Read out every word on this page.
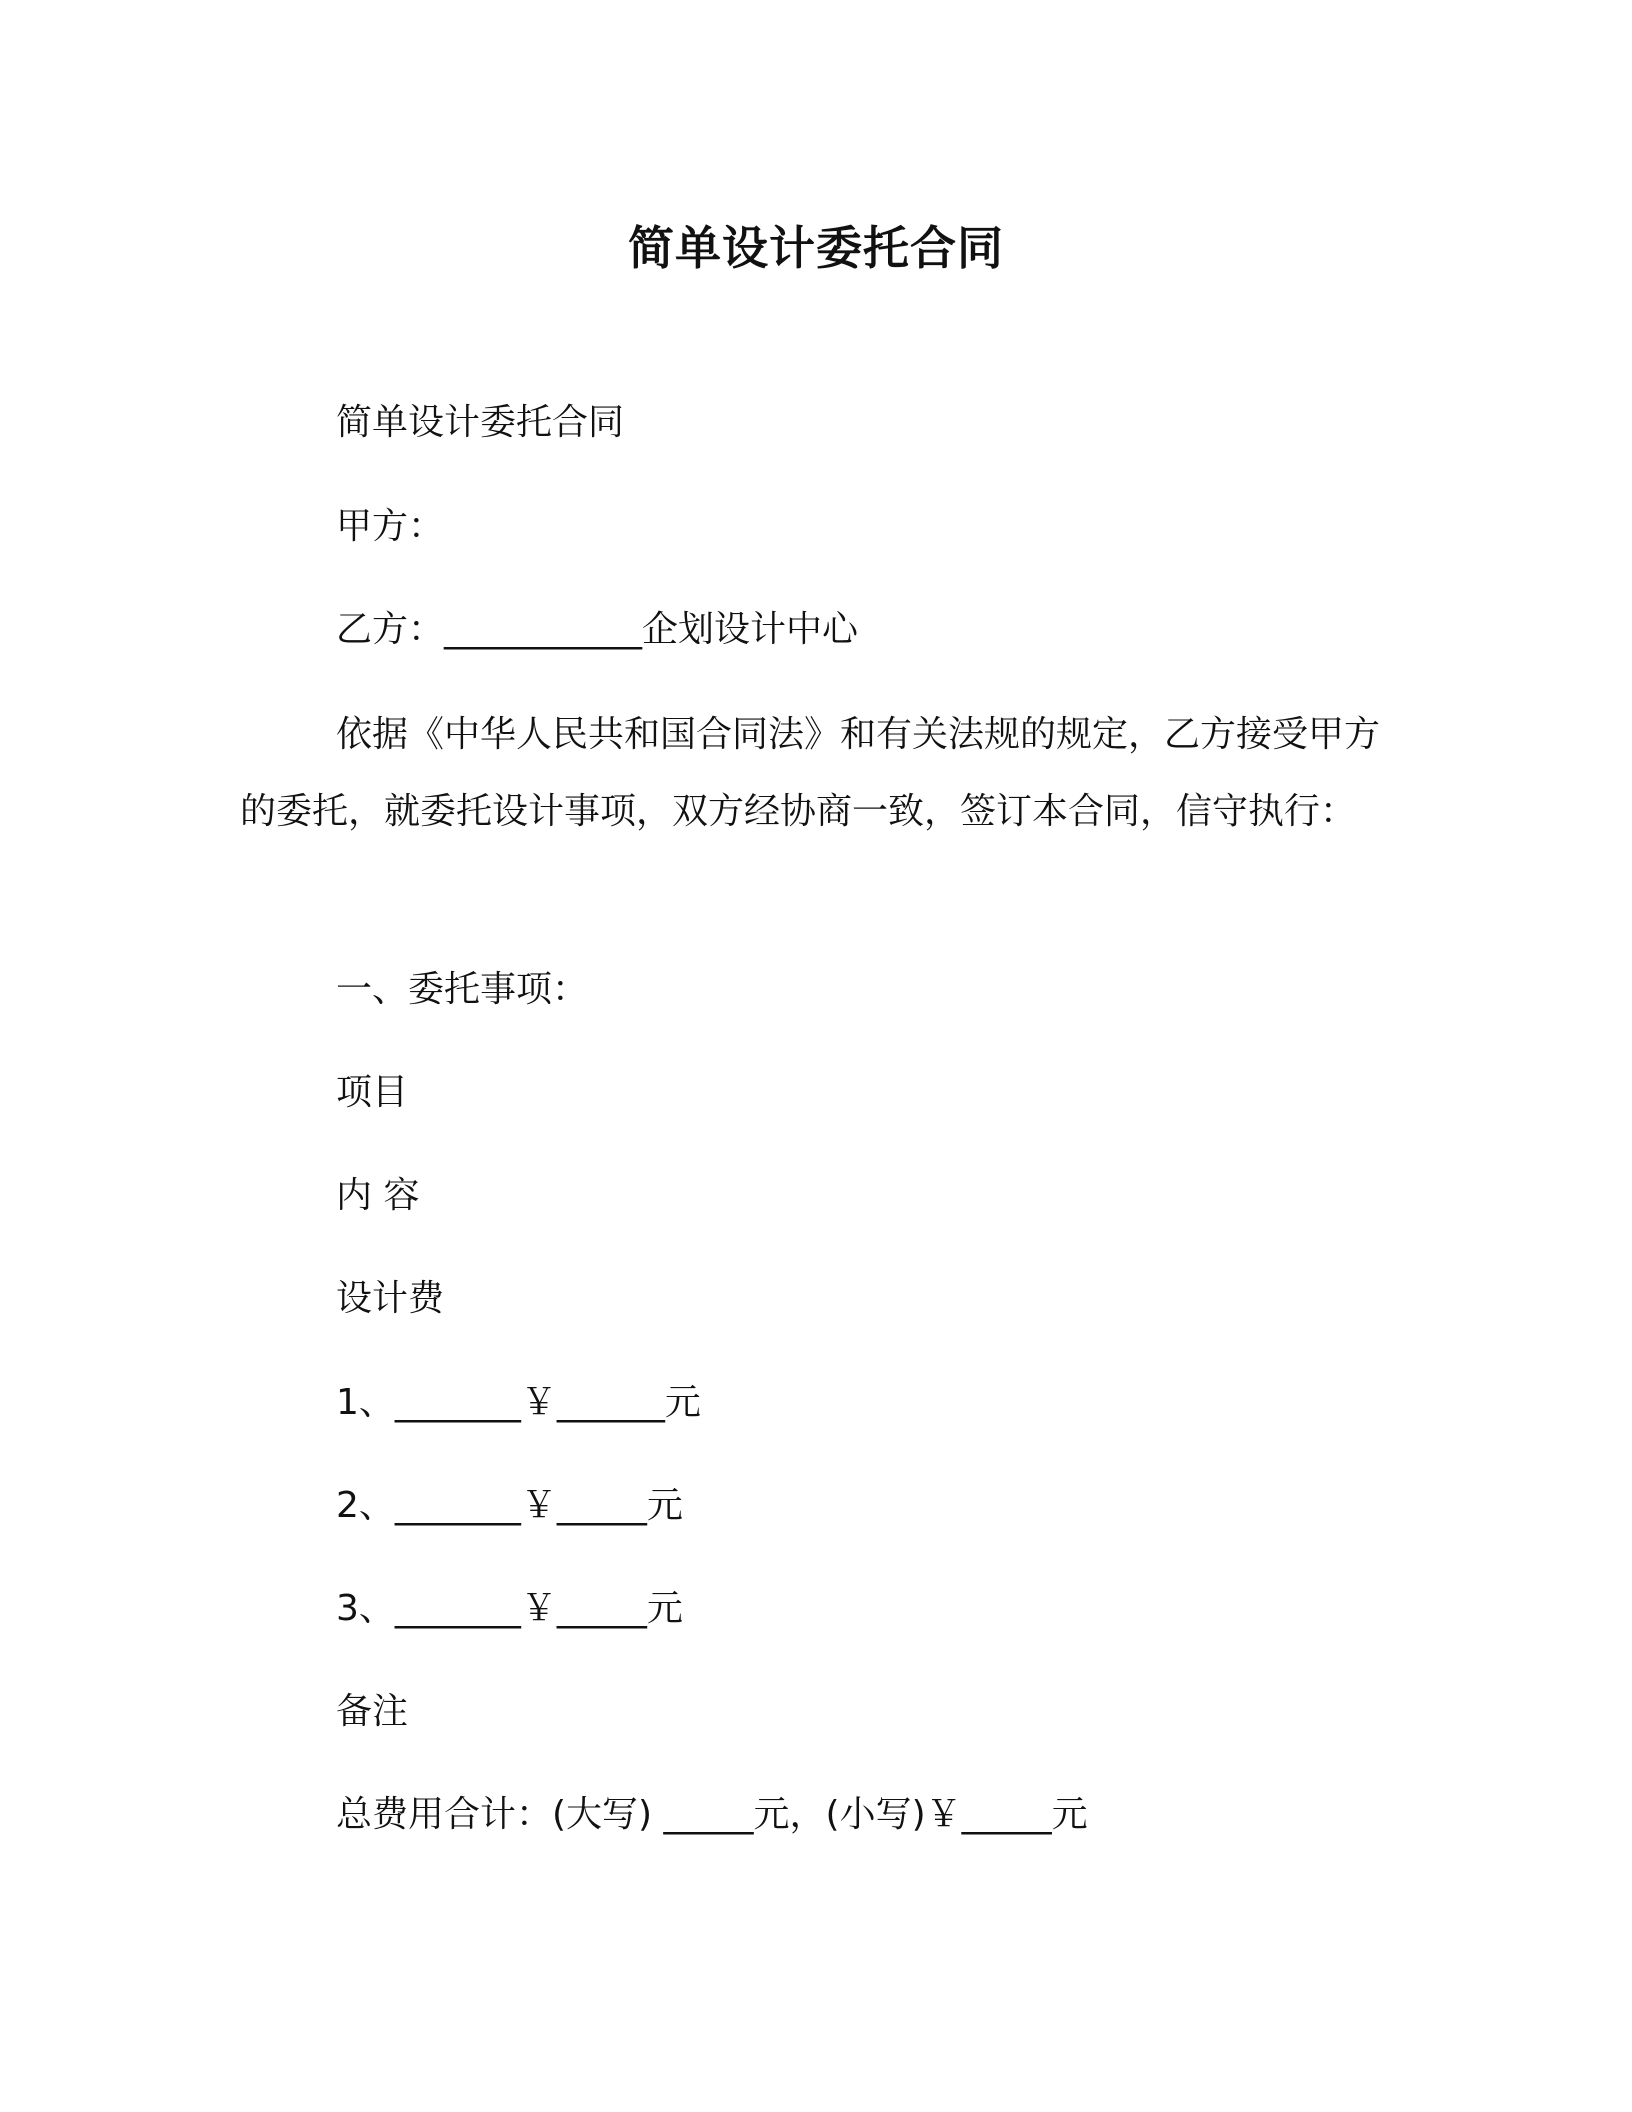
简单设计委托合同
简单设计委托合同
甲方：
乙方：___________企划设计中心
依据《中华人民共和国合同法》和有关法规的规定，乙方接受甲方的委托，就委托设计事项，双方经协商一致，签订本合同，信守执行：
一、委托事项：
项目
内 容
设计费
1、_______￥______元
2、_______￥_____元
3、_______￥_____元
备注
总费用合计：(大写) _____元，(小写)￥_____元
